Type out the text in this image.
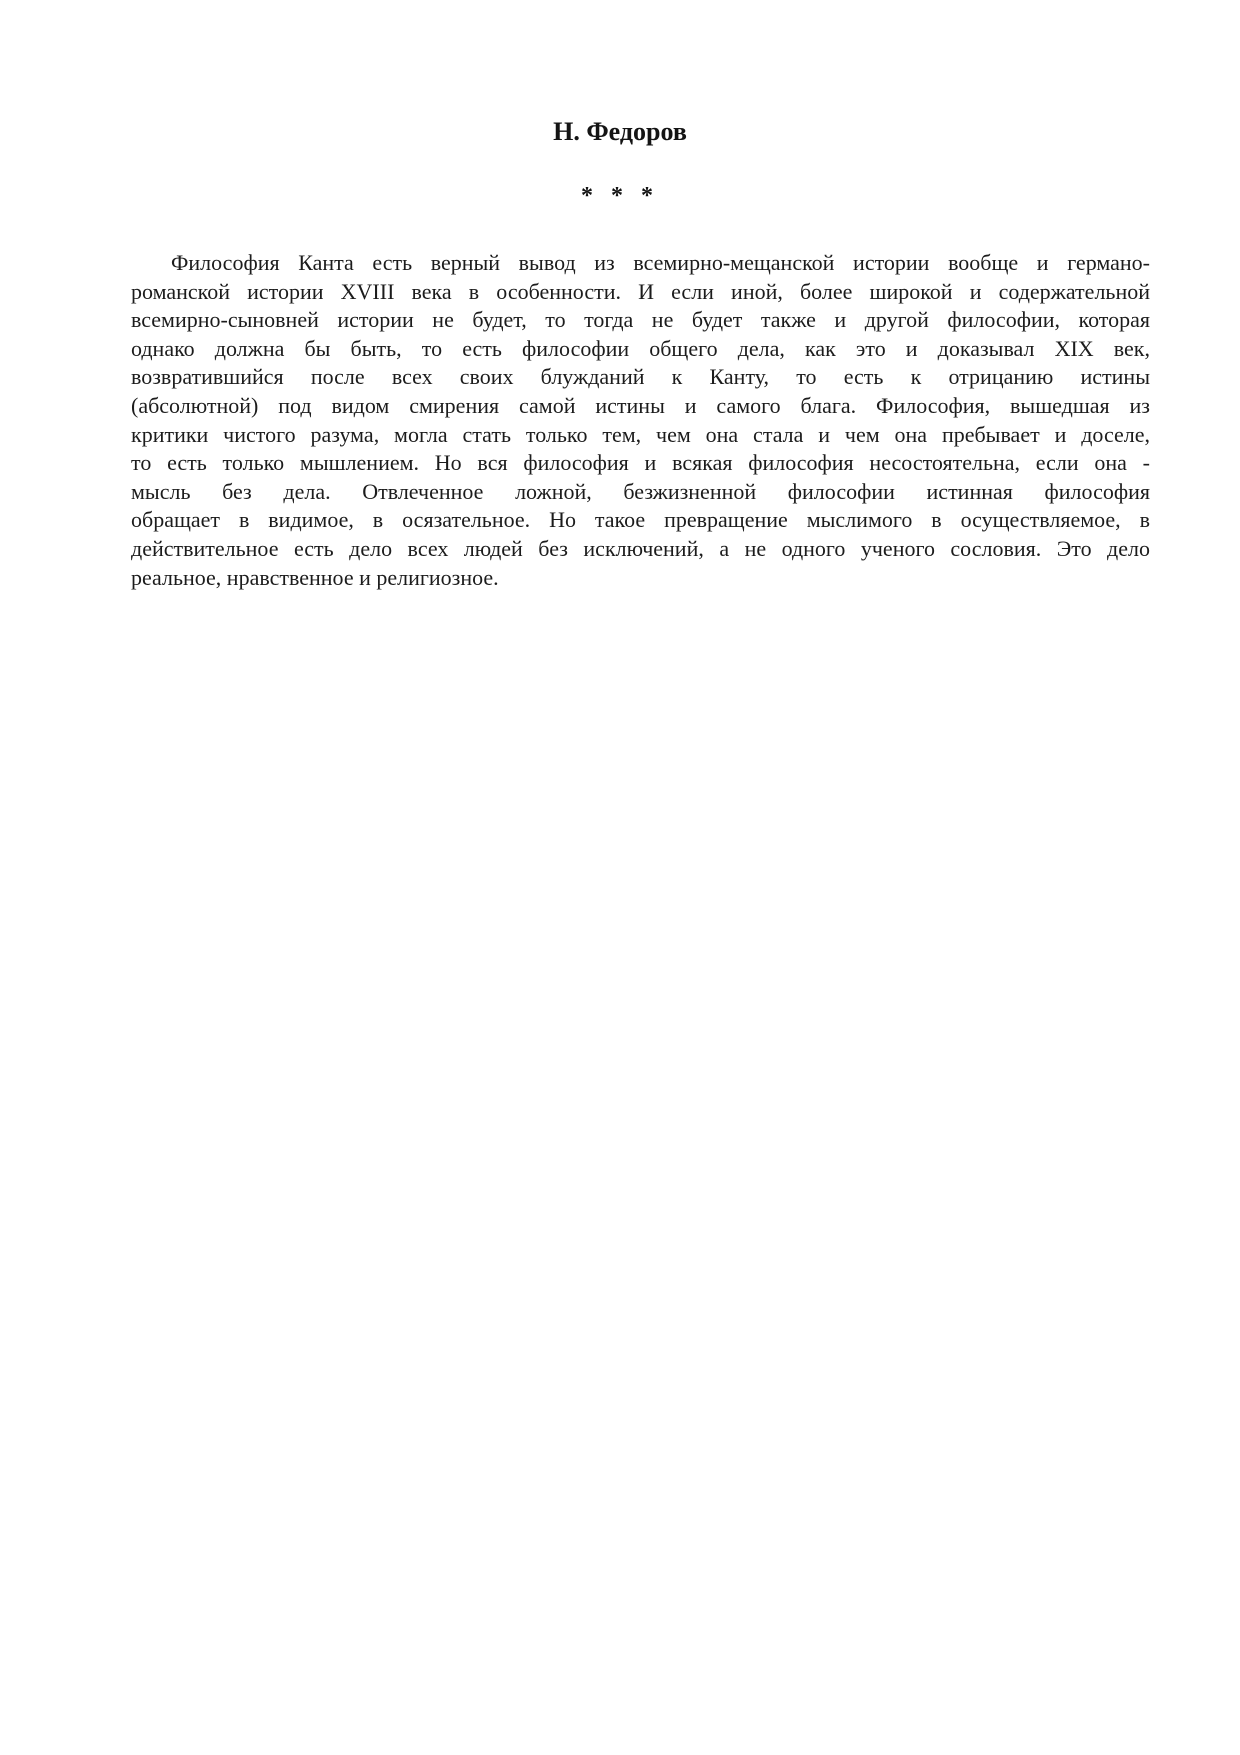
Н. Федоров
* * *
Философия Канта есть верный вывод из всемирно-мещанской истории вообще и германо-
романской истории XVIII века в особенности. И если иной, более широкой и содержательной
всемирно-сыновней истории не будет, то тогда не будет также и другой философии, которая
однако должна бы быть, то есть философии общего дела, как это и доказывал XIX век,
возвратившийся после всех своих блужданий к Канту, то есть к отрицанию истины
(абсолютной) под видом смирения самой истины и самого блага. Философия, вышедшая из
критики чистого разума, могла стать только тем, чем она стала и чем она пребывает и доселе,
то есть только мышлением. Но вся философия и всякая философия несостоятельна, если она -
мысль без дела. Отвлеченное ложной, безжизненной философии истинная философия
обращает в видимое, в осязательное. Но такое превращение мыслимого в осуществляемое, в
действительное есть дело всех людей без исключений, а не одного ученого сословия. Это дело
реальное, нравственное и религиозное.
